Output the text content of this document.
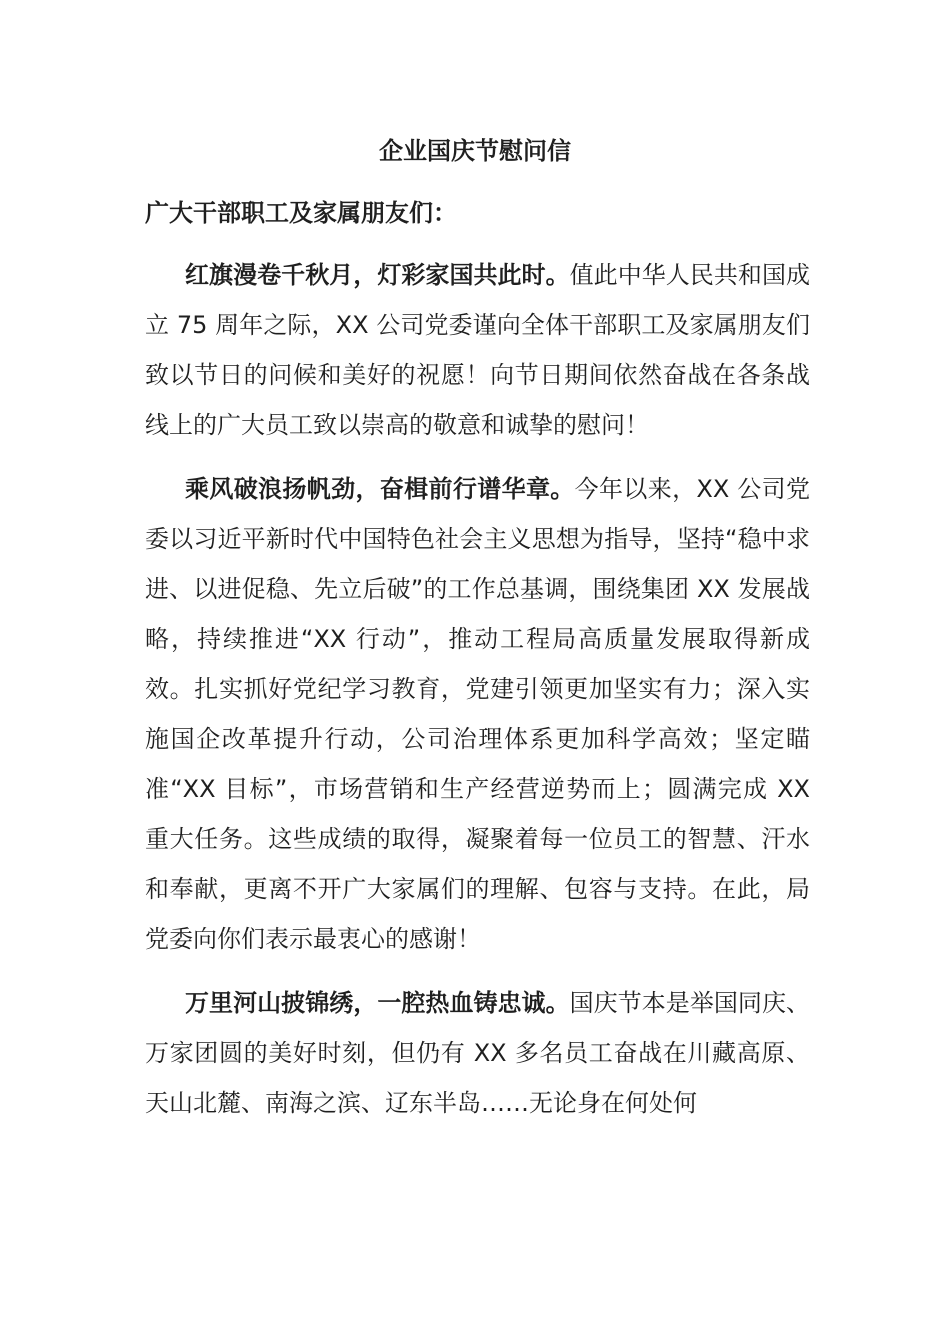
企业国庆节慰问信

广大干部职工及家属朋友们：

红旗漫卷千秋月，灯彩家国共此时。值此中华人民共和国成立 75 周年之际，XX 公司党委谨向全体干部职工及家属朋友们致以节日的问候和美好的祝愿！向节日期间依然奋战在各条战线上的广大员工致以崇高的敬意和诚挚的慰问！

乘风破浪扬帆劲，奋楫前行谱华章。今年以来，XX 公司党委以习近平新时代中国特色社会主义思想为指导，坚持“稳中求进、以进促稳、先立后破”的工作总基调，围绕集团 XX 发展战略，持续推进“XX 行动”，推动工程局高质量发展取得新成效。扎实抓好党纪学习教育，党建引领更加坚实有力；深入实施国企改革提升行动，公司治理体系更加科学高效；坚定瞄准“XX 目标”，市场营销和生产经营逆势而上；圆满完成 XX 重大任务。这些成绩的取得，凝聚着每一位员工的智慧、汗水和奉献，更离不开广大家属们的理解、包容与支持。在此，局党委向你们表示最衷心的感谢！

万里河山披锦绣，一腔热血铸忠诚。国庆节本是举国同庆、万家团圆的美好时刻，但仍有 XX 多名员工奋战在川藏高原、天山北麓、南海之滨、辽东半岛……无论身在何处何
